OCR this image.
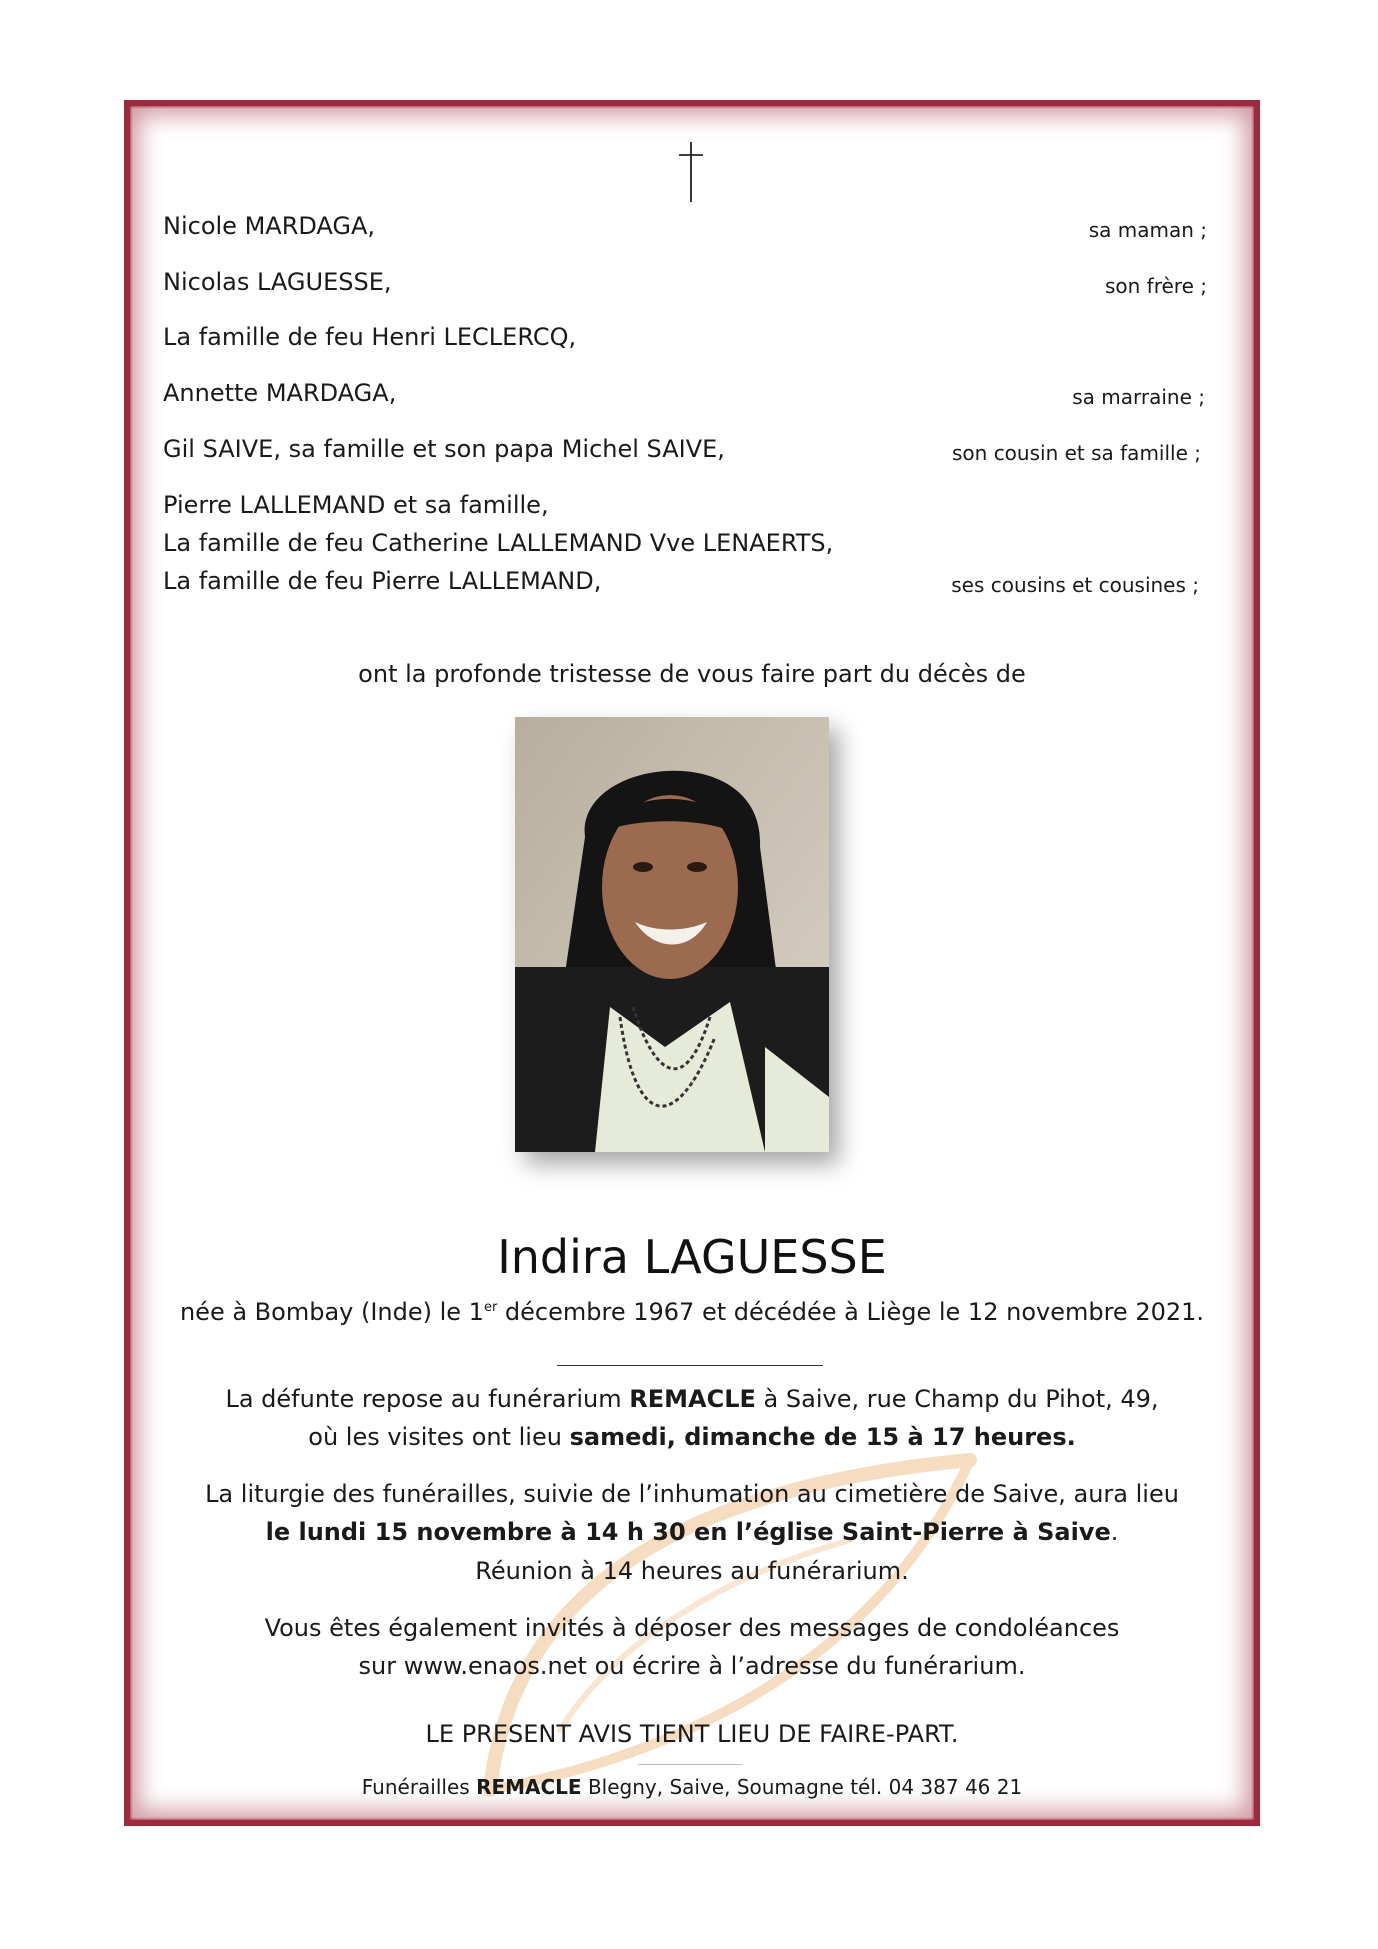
Nicole MARDAGA,	sa maman ;
Nicolas LAGUESSE,	son frère ;
La famille de feu Henri LECLERCQ,
Annette MARDAGA,	sa marraine ;
Gil SAIVE, sa famille et son papa Michel SAIVE,	son cousin et sa famille ;
Pierre LALLEMAND et sa famille,
La famille de feu Catherine LALLEMAND Vve LENAERTS,
La famille de feu Pierre LALLEMAND,	ses cousins et cousines ;
ont la profonde tristesse de vous faire part du décès de
Indira LAGUESSE
née à Bombay (Inde) le 1er décembre 1967 et décédée à Liège le 12 novembre 2021.
La défunte repose au funérarium REMACLE à Saive, rue Champ du Pihot, 49,
où les visites ont lieu samedi, dimanche de 15 à 17 heures.
La liturgie des funérailles, suivie de l’inhumation au cimetière de Saive, aura lieu
le lundi 15 novembre à 14 h 30 en l’église Saint-Pierre à Saive.
Réunion à 14 heures au funérarium.
Vous êtes également invités à déposer des messages de condoléances
sur www.enaos.net ou écrire à l’adresse du funérarium.
LE PRESENT AVIS TIENT LIEU DE FAIRE-PART.
Funérailles REMACLE Blegny, Saive, Soumagne tél. 04 387 46 21
